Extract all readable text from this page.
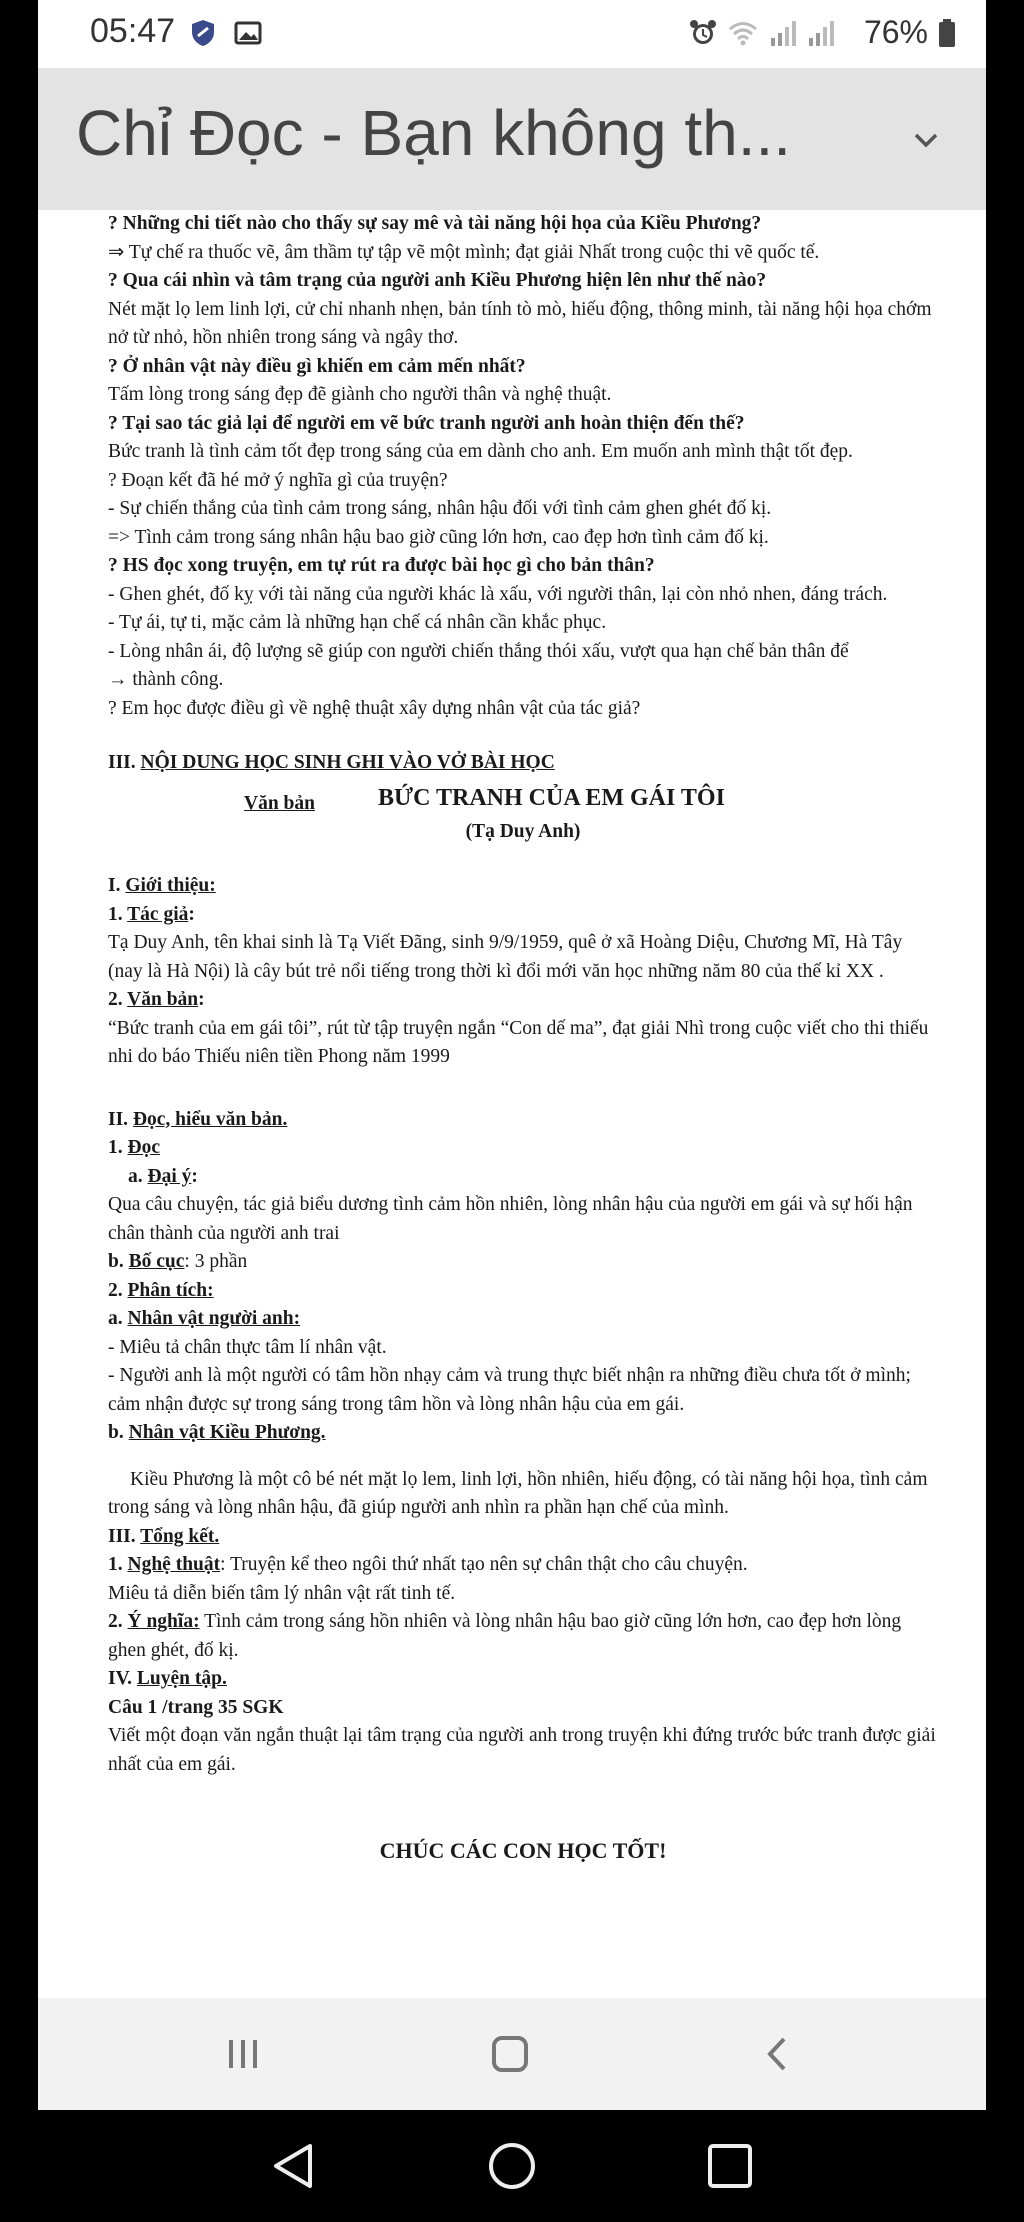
05:47	76%
Chỉ Đọc - Bạn không th...

? Những chi tiết nào cho thấy sự say mê và tài năng hội họa của Kiều Phương?

⇒ Tự chế ra thuốc vẽ, âm thầm tự tập vẽ một mình; đạt giải Nhất trong cuộc thi vẽ quốc tế.

? Qua cái nhìn và tâm trạng của người anh Kiều Phương hiện lên như thế nào?

Nét mặt lọ lem linh lợi, cử chỉ nhanh nhẹn, bản tính tò mò, hiếu động, thông minh, tài năng hội họa chớm nở từ nhỏ, hồn nhiên trong sáng và ngây thơ.

? Ở nhân vật này điều gì khiến em cảm mến nhất?

Tấm lòng trong sáng đẹp đẽ giành cho người thân và nghệ thuật.

? Tại sao tác giả lại để người em vẽ bức tranh người anh hoàn thiện đến thế?

Bức tranh là tình cảm tốt đẹp trong sáng của em dành cho anh. Em muốn anh mình thật tốt đẹp.

? Đoạn kết đã hé mở ý nghĩa gì của truyện?

- Sự chiến thắng của tình cảm trong sáng, nhân hậu đối với tình cảm ghen ghét đố kị.

=> Tình cảm trong sáng nhân hậu bao giờ cũng lớn hơn, cao đẹp hơn tình cảm đố kị.

? HS đọc xong truyện, em tự rút ra được bài học gì cho bản thân?

- Ghen ghét, đố kỵ với tài năng của người khác là xấu, với người thân, lại còn nhỏ nhen, đáng trách.

- Tự ái, tự ti, mặc cảm là những hạn chế cá nhân cần khắc phục.

- Lòng nhân ái, độ lượng sẽ giúp con người chiến thắng thói xấu, vượt qua hạn chế bản thân để

→ thành công.

? Em học được điều gì về nghệ thuật xây dựng nhân vật của tác giả?

III. NỘI DUNG HỌC SINH GHI VÀO VỞ BÀI HỌC

Văn bản	BỨC TRANH CỦA EM GÁI TÔI

(Tạ Duy Anh)

I. Giới thiệu:

1. Tác giả:

Tạ Duy Anh, tên khai sinh là Tạ Viết Đãng, sinh 9/9/1959, quê ở xã Hoàng Diệu, Chương Mĩ, Hà Tây (nay là Hà Nội) là cây bút trẻ nổi tiếng trong thời kì đổi mới văn học những năm 80 của thế kỉ XX .

2. Văn bản:

“Bức tranh của em gái tôi”, rút từ tập truyện ngắn “Con dế ma”, đạt giải Nhì trong cuộc viết cho thi thiếu nhi do báo Thiếu niên tiền Phong năm 1999

II. Đọc, hiểu văn bản.

1. Đọc

a. Đại ý:

Qua câu chuyện, tác giả biểu dương tình cảm hồn nhiên, lòng nhân hậu của người em gái và sự hối hận chân thành của người anh trai

b. Bố cục: 3 phần

2. Phân tích:

a. Nhân vật người anh:

- Miêu tả chân thực tâm lí nhân vật.

- Người anh là một người có tâm hồn nhạy cảm và trung thực biết nhận ra những điều chưa tốt ở mình; cảm nhận được sự trong sáng trong tâm hồn và lòng nhân hậu của em gái.

b. Nhân vật Kiều Phương.

Kiều Phương là một cô bé nét mặt lọ lem, linh lợi, hồn nhiên, hiếu động, có tài năng hội họa, tình cảm trong sáng và lòng nhân hậu, đã giúp người anh nhìn ra phần hạn chế của mình.

III. Tổng kết.

1. Nghệ thuật: Truyện kể theo ngôi thứ nhất tạo nên sự chân thật cho câu chuyện.

Miêu tả diễn biến tâm lý nhân vật rất tinh tế.

2. Ý nghĩa: Tình cảm trong sáng hồn nhiên và lòng nhân hậu bao giờ cũng lớn hơn, cao đẹp hơn lòng ghen ghét, đố kị.

IV. Luyện tập.

Câu 1 /trang 35 SGK

Viết một đoạn văn ngắn thuật lại tâm trạng của người anh trong truyện khi đứng trước bức tranh được giải nhất của em gái.

CHÚC CÁC CON HỌC TỐT!
